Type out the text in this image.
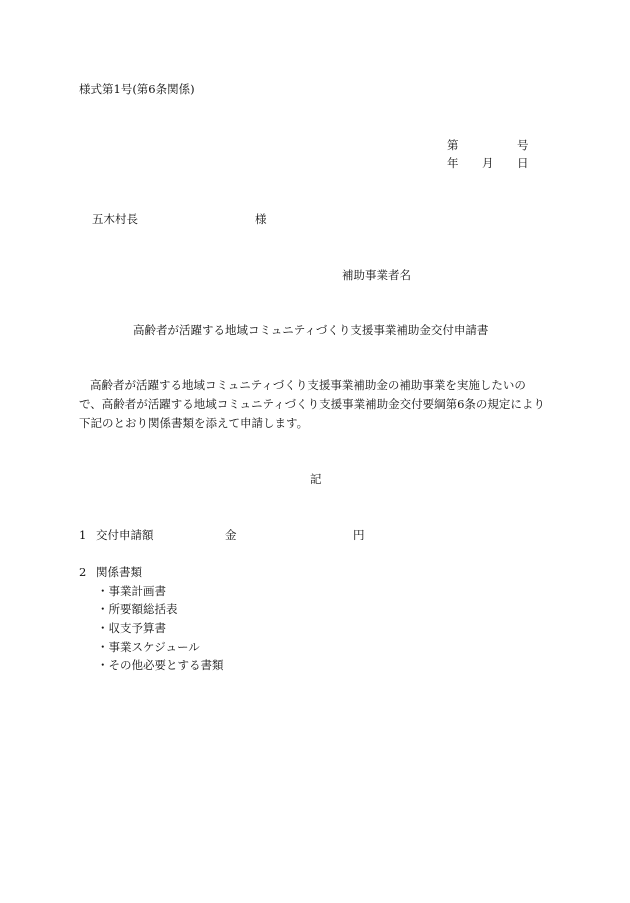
様式第1号(第6条関係)
第	号
年 月 日
五木村長	様
補助事業者名
高齢者が活躍する地域コミュニティづくり支援事業補助金交付申請書
高齢者が活躍する地域コミュニティづくり支援事業補助金の補助事業を実施したいの
で、高齢者が活躍する地域コミュニティづくり支援事業補助金交付要綱第6条の規定により
下記のとおり関係書類を添えて申請します。
記
1 交付申請額	金	円
2 関係書類
・事業計画書
・所要額総括表
・収支予算書
・事業スケジュール
・その他必要とする書類
